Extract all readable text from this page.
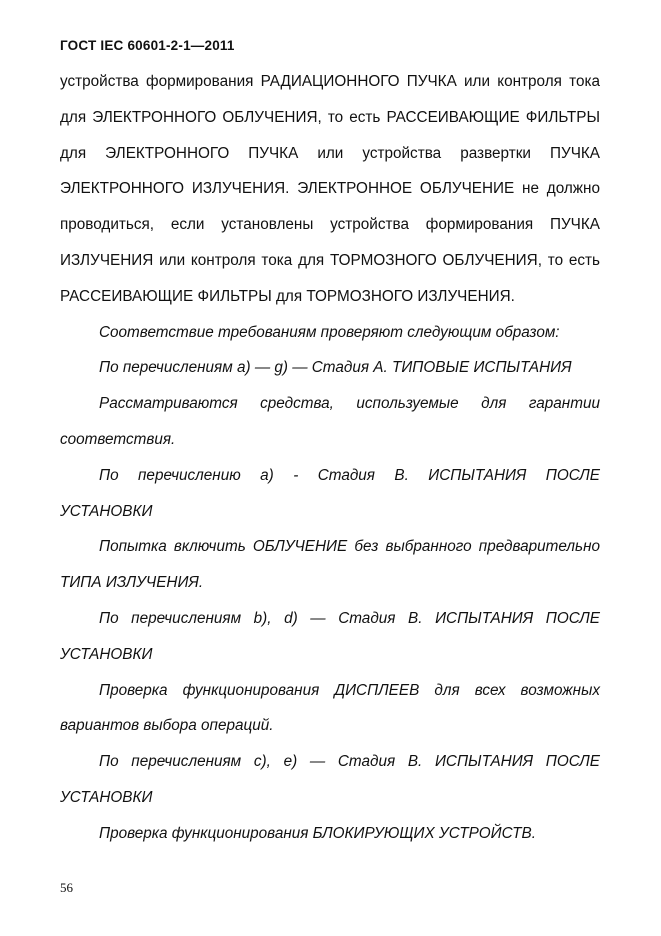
ГОСТ IEC 60601-2-1—2011
устройства формирования РАДИАЦИОННОГО ПУЧКА или контроля тока
для ЭЛЕКТРОННОГО ОБЛУЧЕНИЯ, то есть РАССЕИВАЮЩИЕ ФИЛЬТРЫ
для ЭЛЕКТРОННОГО ПУЧКА или устройства развертки ПУЧКА
ЭЛЕКТРОННОГО ИЗЛУЧЕНИЯ. ЭЛЕКТРОННОЕ ОБЛУЧЕНИЕ не должно
проводиться, если установлены устройства формирования ПУЧКА
ИЗЛУЧЕНИЯ или контроля тока для ТОРМОЗНОГО ОБЛУЧЕНИЯ, то есть
РАССЕИВАЮЩИЕ ФИЛЬТРЫ для ТОРМОЗНОГО ИЗЛУЧЕНИЯ.
Соответствие требованиям проверяют следующим образом:
По перечислениям а) — g) — Стадия А. ТИПОВЫЕ ИСПЫТАНИЯ
Рассматриваются средства, используемые для гарантии
соответствия.
По перечислению а) - Стадия В. ИСПЫТАНИЯ ПОСЛЕ
УСТАНОВКИ
Попытка включить ОБЛУЧЕНИЕ без выбранного предварительно
ТИПА ИЗЛУЧЕНИЯ.
По перечислениям b), d) — Стадия В. ИСПЫТАНИЯ ПОСЛЕ
УСТАНОВКИ
Проверка функционирования ДИСПЛЕЕВ для всех возможных
вариантов выбора операций.
По перечислениям с), е) — Стадия В. ИСПЫТАНИЯ ПОСЛЕ
УСТАНОВКИ
Проверка функционирования БЛОКИРУЮЩИХ УСТРОЙСТВ.
56
